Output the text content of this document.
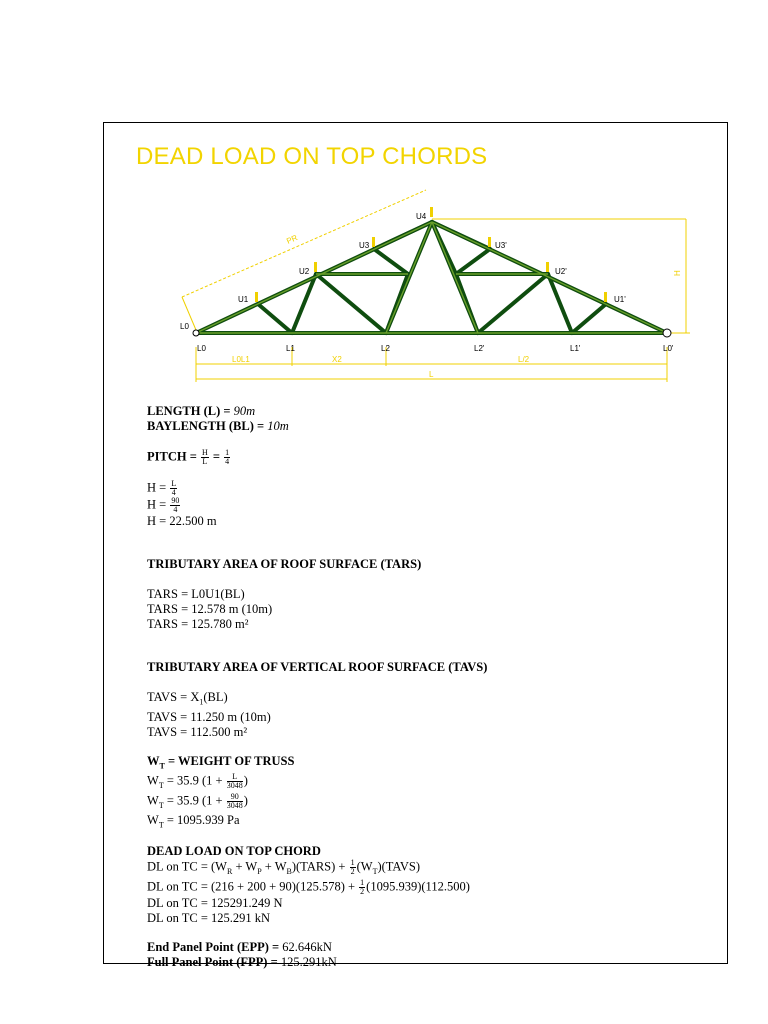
DEAD LOAD ON TOP CHORDS
L0
U1
U2
U3
U4
U3'
U2'
U1'
L0	L1	L2	L2'	L1'	L0'
PR
L0L1	X2	L/2
L
H
LENGTH (L) = 90m
BAYLENGTH (BL) = 10m
PITCH = $\frac{H}{L} = \frac{1}{4}$
$H = \frac{L}{4}$
$H = \frac{90}{4}$
H = 22.500 m
TRIBUTARY AREA OF ROOF SURFACE (TARS)
TARS = L0U1(BL)
TARS = 12.578 m (10m)
TARS = 125.780 m²
TRIBUTARY AREA OF VERTICAL ROOF SURFACE (TAVS)
TAVS = $X_1(BL)$
TAVS = 11.250 m (10m)
TAVS = 112.500 m²
$W_T$ = WEIGHT OF TRUSS
$W_T = 35.9$ ($1 + \frac{L}{3048}$ )
$W_T = 35.9$ ($1 + \frac{90}{3048}$ )
$W_T = 1095.939$ Pa
DEAD LOAD ON TOP CHORD
DL on TC = ($W_R + W_P$ + $W_B)(TARS) + \frac{1}{2}$ $(W_T)(TAVS)$
DL on TC = $(216 + 200 + 90)(125.578) + \frac{1}{2} (1095.939)(112.500)$
DL on TC = 125291.249 N
DL on TC = 125.291 kN
End Panel Point (EPP) = 62.646kN
Full Panel Point (FPP) = 125.291kN
